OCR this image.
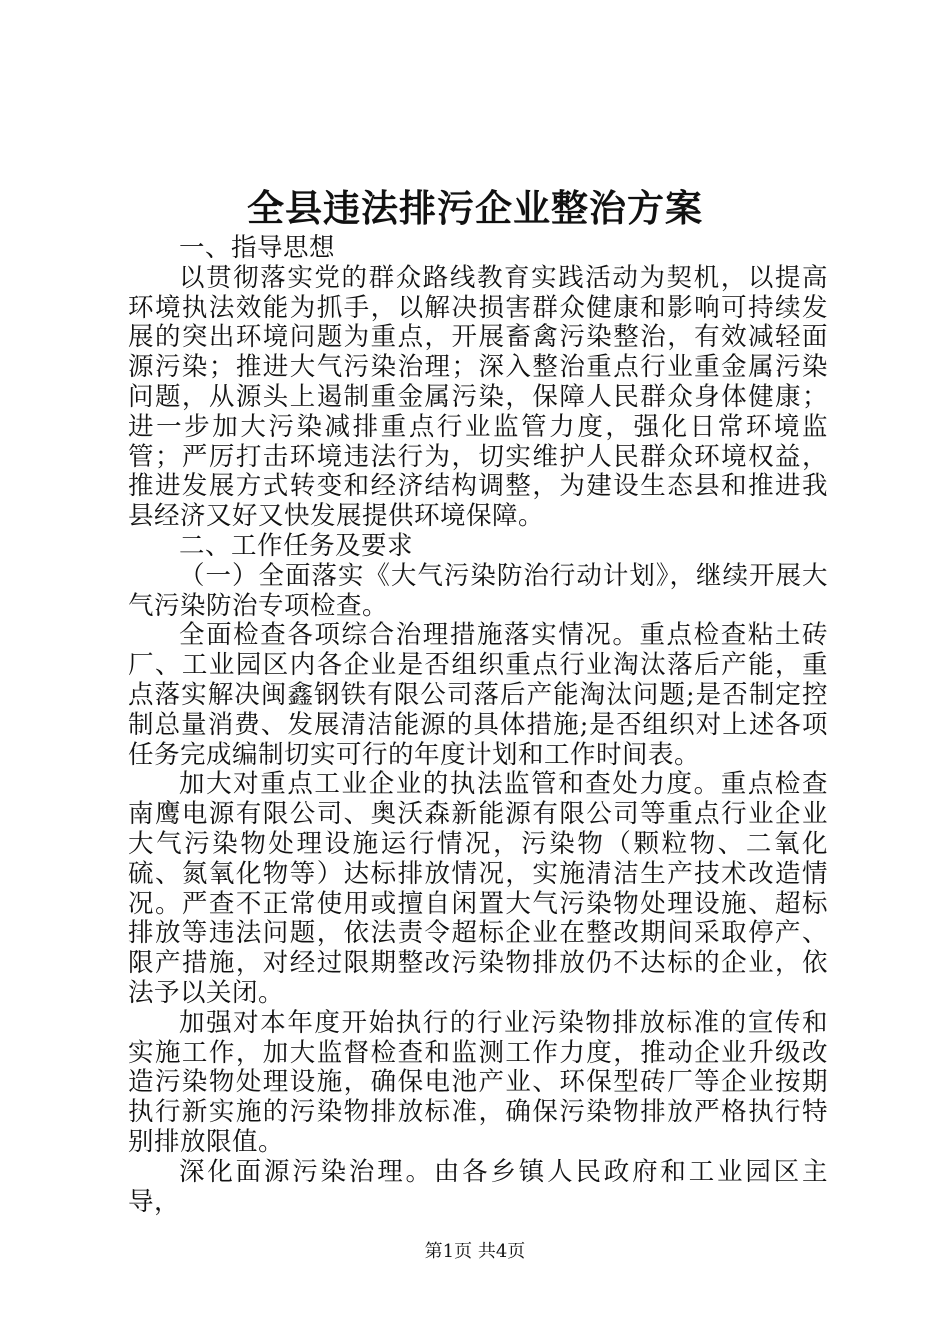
全县违法排污企业整治方案

一、指导思想

以贯彻落实党的群众路线教育实践活动为契机，以提高环境执法效能为抓手，以解决损害群众健康和影响可持续发展的突出环境问题为重点，开展畜禽污染整治，有效减轻面源污染；推进大气污染治理；深入整治重点行业重金属污染问题，从源头上遏制重金属污染，保障人民群众身体健康；进一步加大污染减排重点行业监管力度，强化日常环境监管；严厉打击环境违法行为，切实维护人民群众环境权益，推进发展方式转变和经济结构调整，为建设生态县和推进我县经济又好又快发展提供环境保障。

二、工作任务及要求

（一）全面落实《大气污染防治行动计划》，继续开展大气污染防治专项检查。

全面检查各项综合治理措施落实情况。重点检查粘土砖厂、工业园区内各企业是否组织重点行业淘汰落后产能，重点落实解决闽鑫钢铁有限公司落后产能淘汰问题;是否制定控制总量消费、发展清洁能源的具体措施;是否组织对上述各项任务完成编制切实可行的年度计划和工作时间表。

加大对重点工业企业的执法监管和查处力度。重点检查南鹰电源有限公司、奥沃森新能源有限公司等重点行业企业大气污染物处理设施运行情况，污染物（颗粒物、二氧化硫、氮氧化物等）达标排放情况，实施清洁生产技术改造情况。严查不正常使用或擅自闲置大气污染物处理设施、超标排放等违法问题，依法责令超标企业在整改期间采取停产、限产措施，对经过限期整改污染物排放仍不达标的企业，依法予以关闭。

加强对本年度开始执行的行业污染物排放标准的宣传和实施工作，加大监督检查和监测工作力度，推动企业升级改造污染物处理设施，确保电池产业、环保型砖厂等企业按期执行新实施的污染物排放标准，确保污染物排放严格执行特别排放限值。

深化面源污染治理。由各乡镇人民政府和工业园区主导，

第1页 共4页
